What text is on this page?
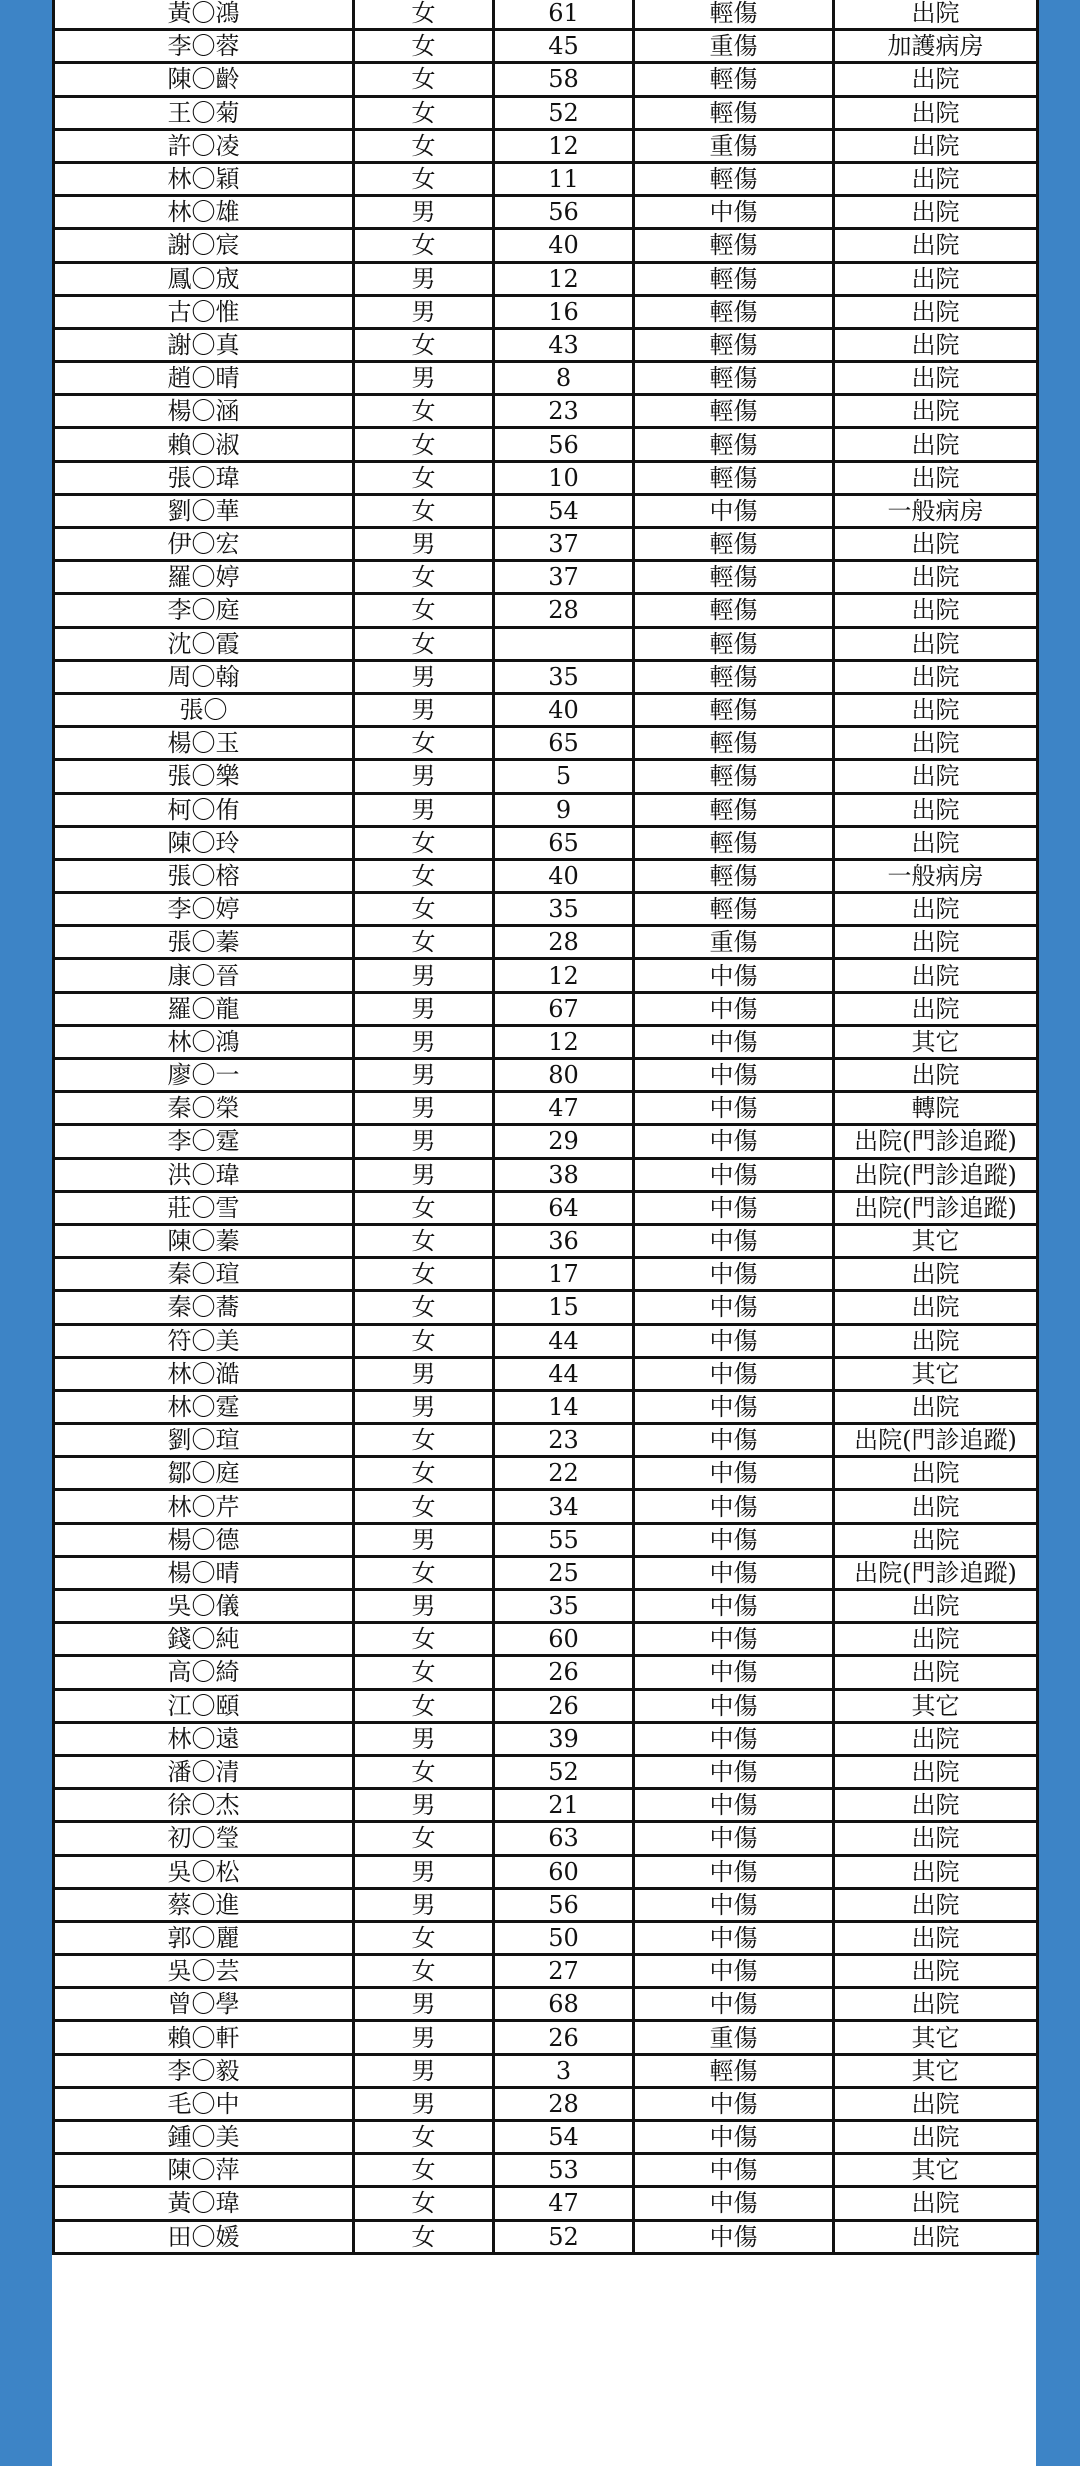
黃〇鴻	女	61	輕傷	出院
李〇蓉	女	45	重傷	加護病房
陳〇齡	女	58	輕傷	出院
王〇菊	女	52	輕傷	出院
許〇凌	女	12	重傷	出院
林〇穎	女	11	輕傷	出院
林〇雄	男	56	中傷	出院
謝〇宸	女	40	輕傷	出院
鳳〇宬	男	12	輕傷	出院
古〇惟	男	16	輕傷	出院
謝〇真	女	43	輕傷	出院
趙〇晴	男	8	輕傷	出院
楊〇涵	女	23	輕傷	出院
賴〇淑	女	56	輕傷	出院
張〇瑋	女	10	輕傷	出院
劉〇華	女	54	中傷	一般病房
伊〇宏	男	37	輕傷	出院
羅〇婷	女	37	輕傷	出院
李〇庭	女	28	輕傷	出院
沈〇霞	女		輕傷	出院
周〇翰	男	35	輕傷	出院
張〇	男	40	輕傷	出院
楊〇玉	女	65	輕傷	出院
張〇樂	男	5	輕傷	出院
柯〇侑	男	9	輕傷	出院
陳〇玲	女	65	輕傷	出院
張〇榕	女	40	輕傷	一般病房
李〇婷	女	35	輕傷	出院
張〇蓁	女	28	重傷	出院
康〇晉	男	12	中傷	出院
羅〇龍	男	67	中傷	出院
林〇鴻	男	12	中傷	其它
廖〇一	男	80	中傷	出院
秦〇榮	男	47	中傷	轉院
李〇霆	男	29	中傷	出院(門診追蹤)
洪〇瑋	男	38	中傷	出院(門診追蹤)
莊〇雪	女	64	中傷	出院(門診追蹤)
陳〇蓁	女	36	中傷	其它
秦〇瑄	女	17	中傷	出院
秦〇蕎	女	15	中傷	出院
符〇美	女	44	中傷	出院
林〇澔	男	44	中傷	其它
林〇霆	男	14	中傷	出院
劉〇瑄	女	23	中傷	出院(門診追蹤)
鄒〇庭	女	22	中傷	出院
林〇芹	女	34	中傷	出院
楊〇德	男	55	中傷	出院
楊〇晴	女	25	中傷	出院(門診追蹤)
吳〇儀	男	35	中傷	出院
錢〇純	女	60	中傷	出院
高〇綺	女	26	中傷	出院
江〇頤	女	26	中傷	其它
林〇遠	男	39	中傷	出院
潘〇清	女	52	中傷	出院
徐〇杰	男	21	中傷	出院
初〇瑩	女	63	中傷	出院
吳〇松	男	60	中傷	出院
蔡〇進	男	56	中傷	出院
郭〇麗	女	50	中傷	出院
吳〇芸	女	27	中傷	出院
曾〇學	男	68	中傷	出院
賴〇軒	男	26	重傷	其它
李〇毅	男	3	輕傷	其它
毛〇中	男	28	中傷	出院
鍾〇美	女	54	中傷	出院
陳〇萍	女	53	中傷	其它
黃〇瑋	女	47	中傷	出院
田〇媛	女	52	中傷	出院
